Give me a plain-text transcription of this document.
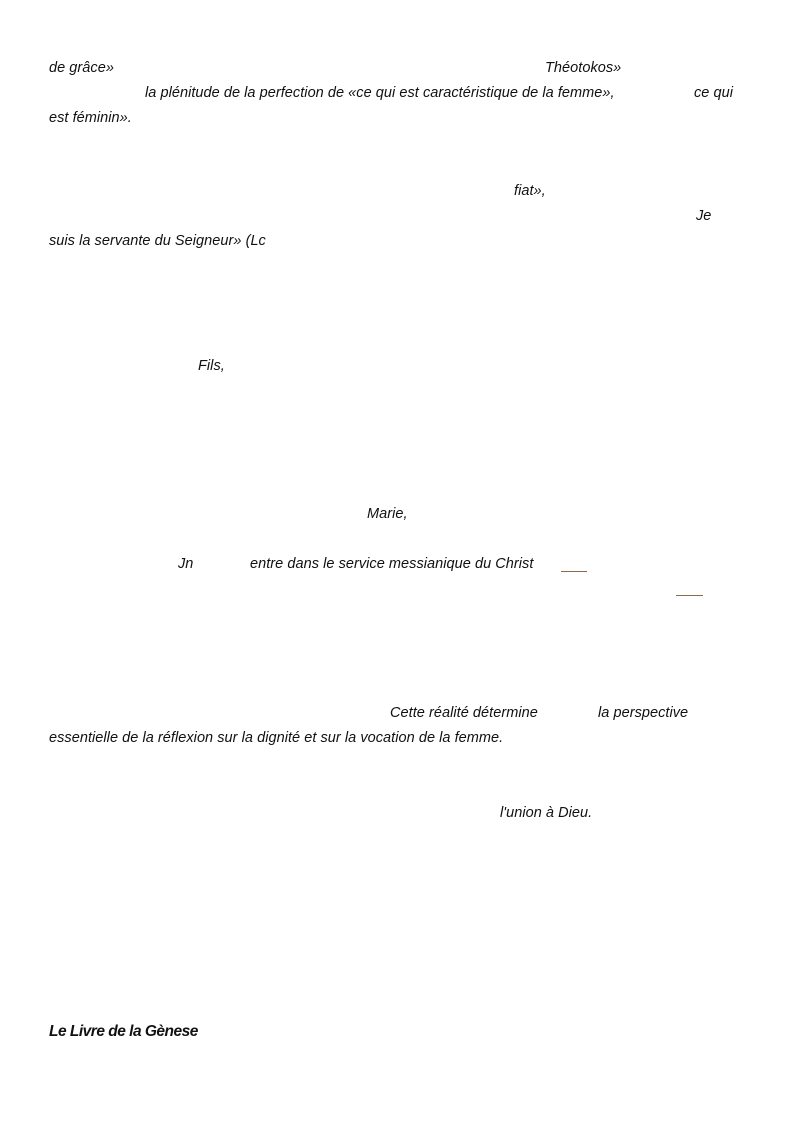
de grâce»	Théotokos»
la plénitude de la perfection de «ce qui est caractéristique de la femme»,	ce qui
est féminin».
fiat»,
Je
suis la servante du Seigneur» (Lc
Fils,
Marie,
Jn	entre dans le service messianique du Christ
Cette réalité détermine	la perspective
essentielle de la réflexion sur la dignité et sur la vocation de la femme.
l'union à Dieu.
Le Livre de la Gènese
